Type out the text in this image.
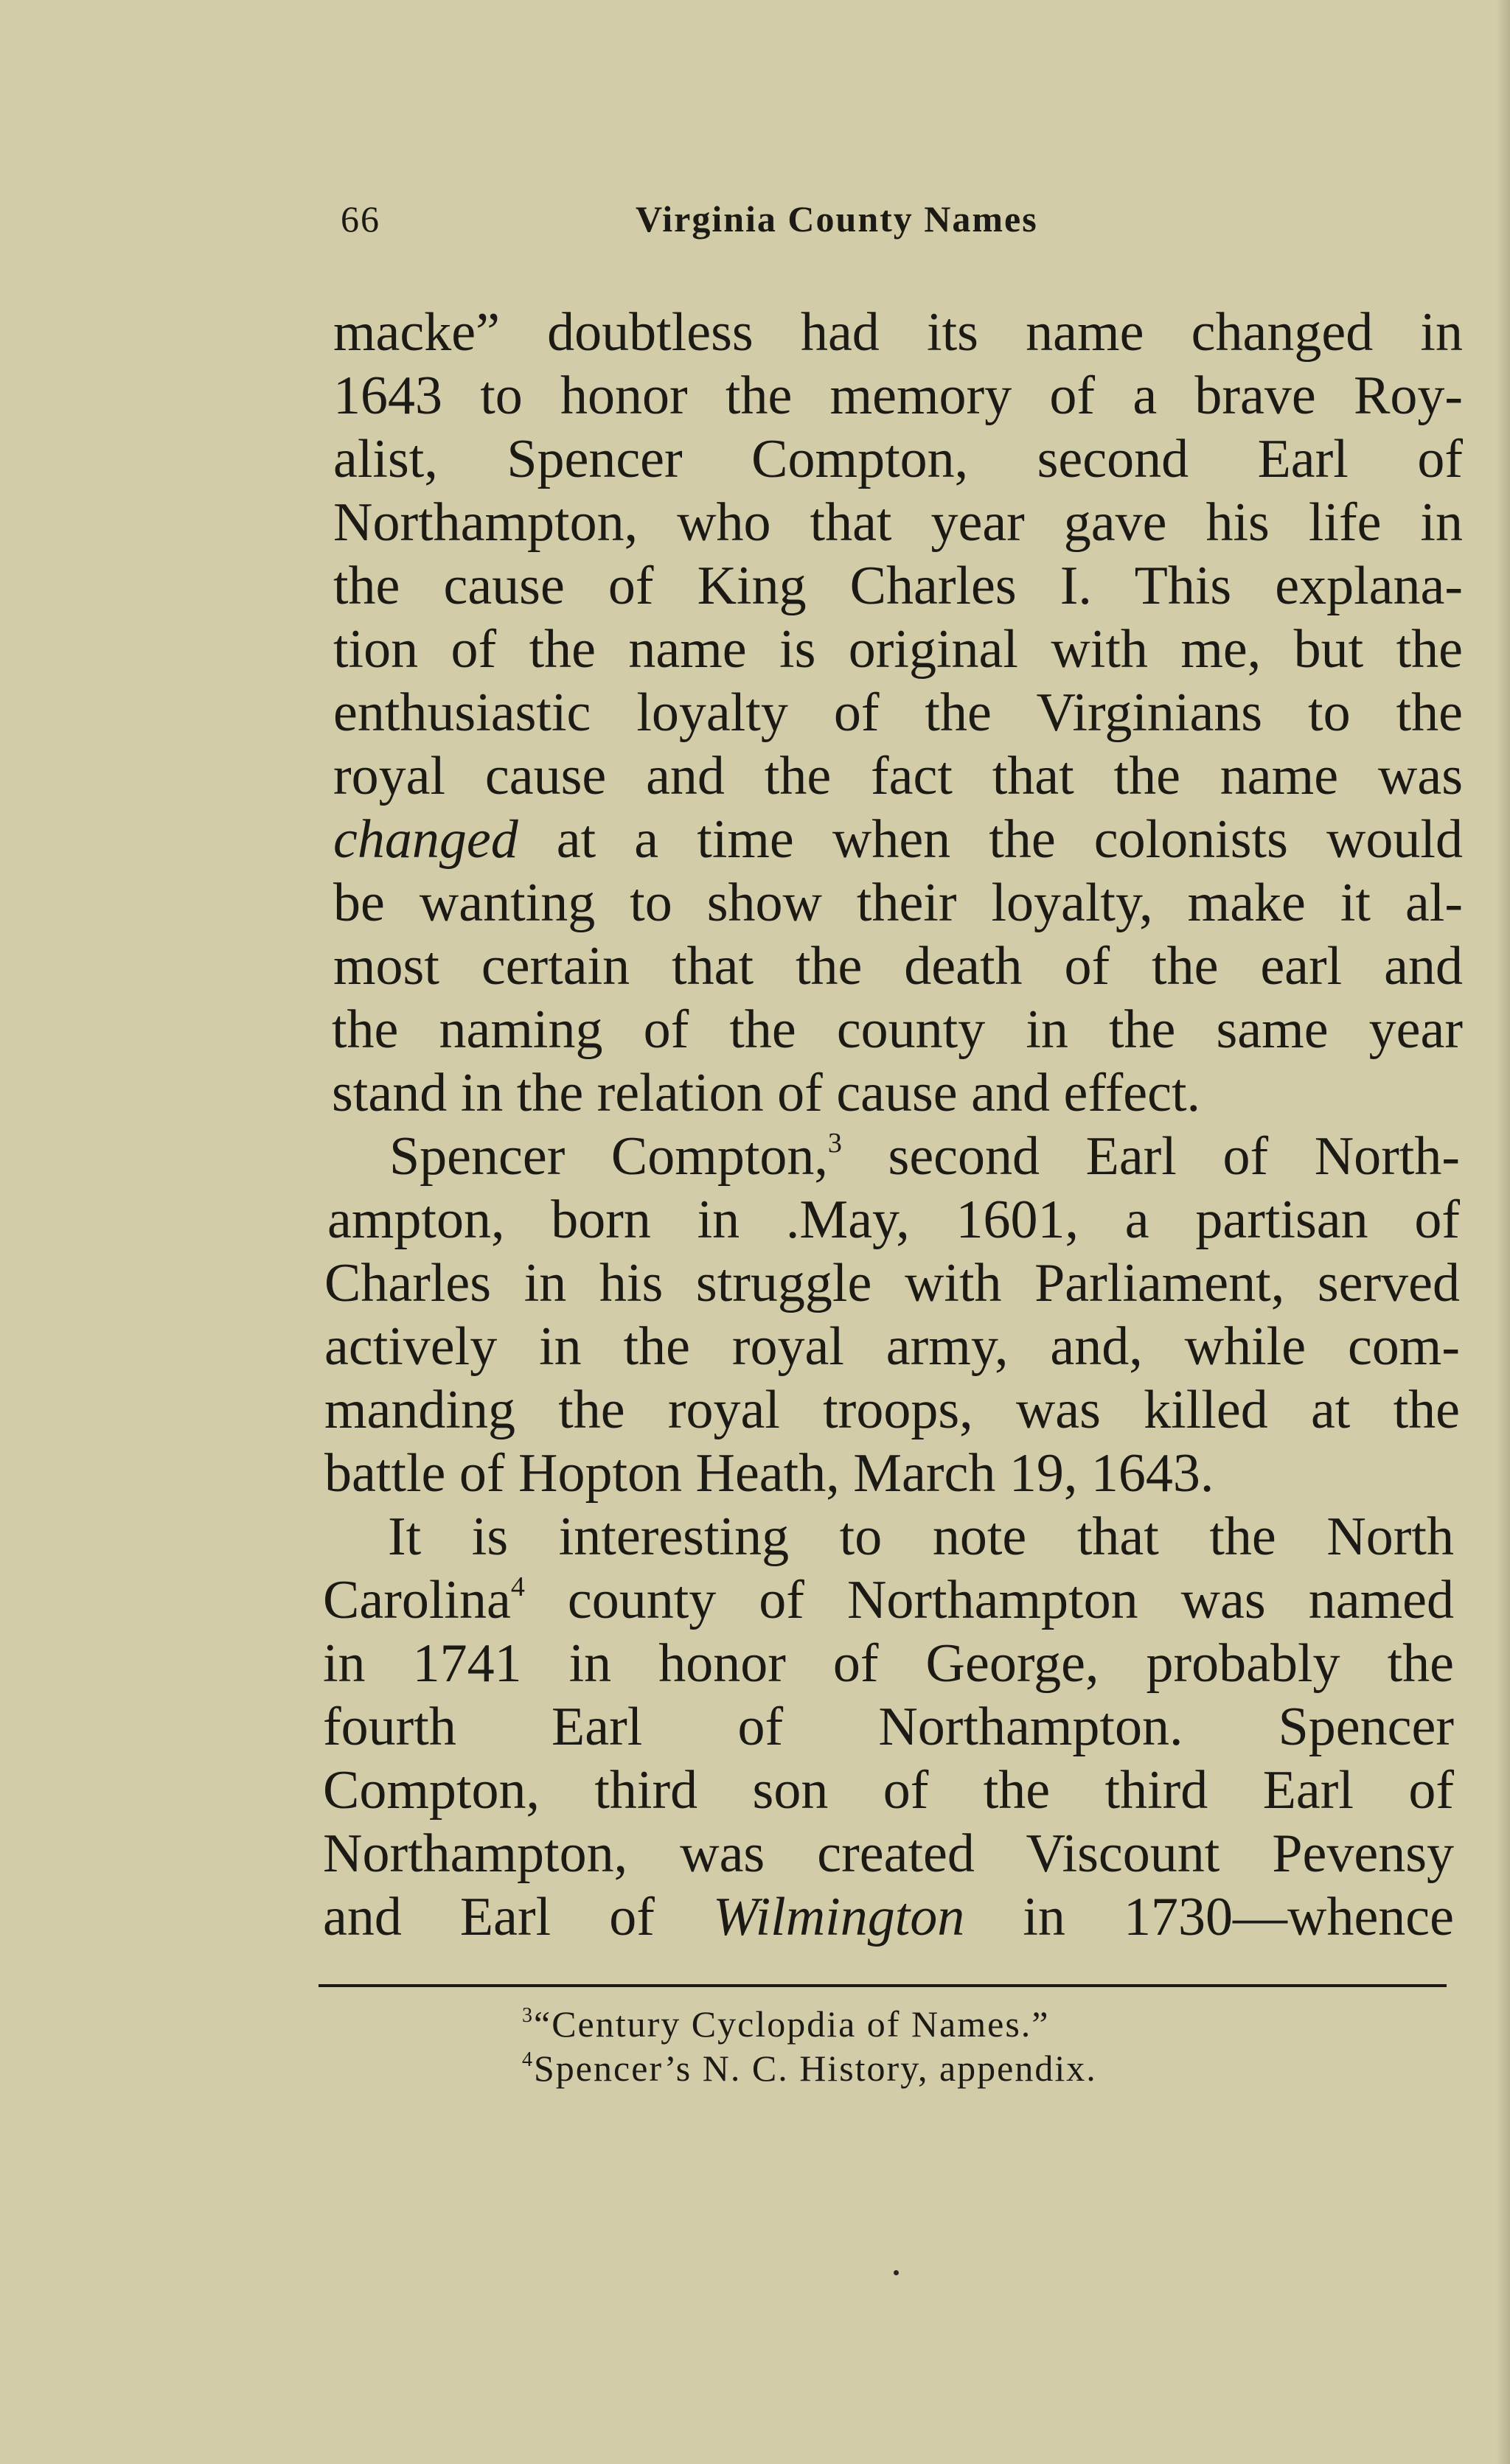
66	Virginia County Names
macke” doubtless had its name changed in
1643 to honor the memory of a brave Roy-
alist, Spencer Compton, second Earl of
Northampton, who that year gave his life in
the cause of King Charles I. This explana-
tion of the name is original with me, but the
enthusiastic loyalty of the Virginians to the
royal cause and the fact that the name was
changed at a time when the colonists would
be wanting to show their loyalty, make it al-
most certain that the death of the earl and
the naming of the county in the same year
stand in the relation of cause and effect.
Spencer Compton,$^3$ second Earl of North-
ampton, born in .May, 1601, a partisan of
Charles in his struggle with Parliament, served
actively in the royal army, and, while com-
manding the royal troops, was killed at the
battle of Hopton Heath, March 19, 1643.
It is interesting to note that the North
Carolina$^4$ county of Northampton was named
in 1741 in honor of George, probably the
fourth Earl of Northampton. Spencer
Compton, third son of the third Earl of
Northampton, was created Viscount Pevensy
and Earl of Wilmington in 1730—whence
$^3$“Century Cyclopdia of Names.”
$^4$Spencer’s N. C. History, appendix.
